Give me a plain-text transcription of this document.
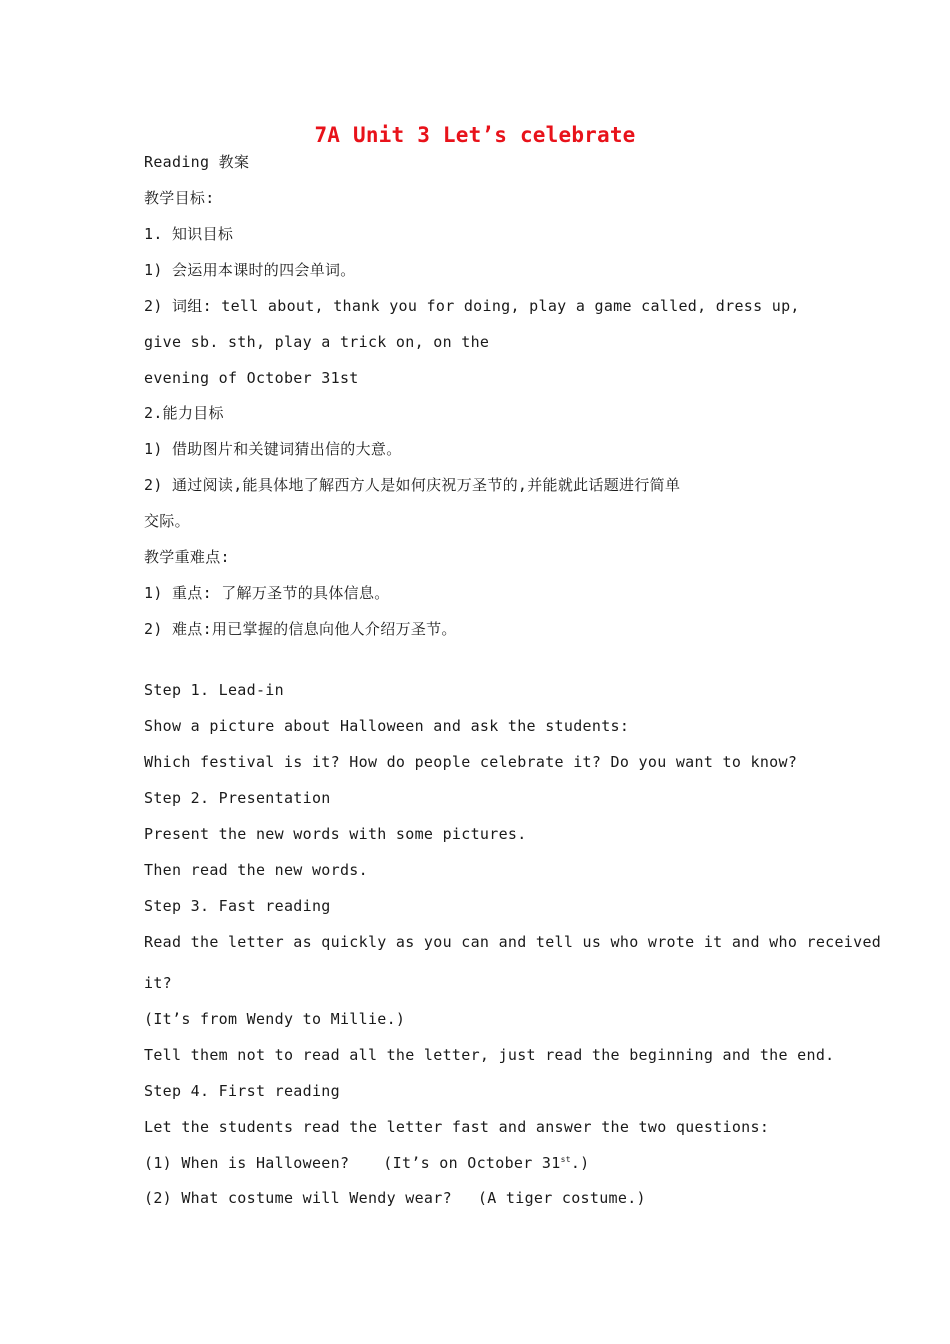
7A Unit 3 Let’s celebrate
Reading 教案
教学目标:
1. 知识目标
1) 会运用本课时的四会单词。
2) 词组: tell about, thank you for doing, play a game called, dress up,
give sb. sth, play a trick on, on the
evening of October 31st
2.能力目标
1) 借助图片和关键词猜出信的大意。
2) 通过阅读,能具体地了解西方人是如何庆祝万圣节的,并能就此话题进行简单
交际。
教学重难点:
1) 重点: 了解万圣节的具体信息。
2) 难点:用已掌握的信息向他人介绍万圣节。
Step 1. Lead-in
Show a picture about Halloween and ask the students:
Which festival is it? How do people celebrate it? Do you want to know?
Step 2. Presentation
Present the new words with some pictures.
Then read the new words.
Step 3. Fast reading
Read the letter as quickly as you can and tell us who wrote it and who received
it?
(It’s from Wendy to Millie.)
Tell them not to read all the letter, just read the beginning and the end.
Step 4. First reading
Let the students read the letter fast and answer the two questions:
(1) When is Halloween? (It’s on October 31st.)
(2) What costume will Wendy wear? (A tiger costume.)
